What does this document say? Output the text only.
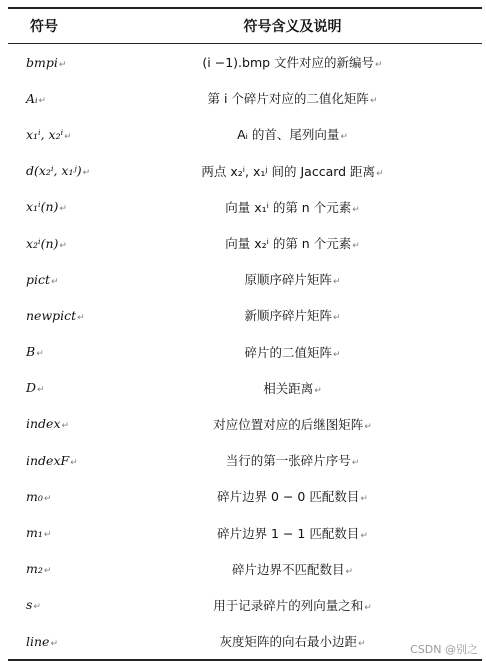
符号	符号含义及说明
bmpi↵	(i −1).bmp 文件对应的新编号↵
Aᵢ↵	第 i 个碎片对应的二值化矩阵↵
x₁ⁱ, x₂ⁱ↵	Aᵢ 的首、尾列向量↵
d(x₂ⁱ, x₁ʲ)↵	两点 x₂ⁱ, x₁ʲ 间的 Jaccard 距离↵
x₁ⁱ(n)↵	向量 x₁ⁱ 的第 n 个元素↵
x₂ⁱ(n)↵	向量 x₂ⁱ 的第 n 个元素↵
pict↵	原顺序碎片矩阵↵
newpict↵	新顺序碎片矩阵↵
B↵	碎片的二值矩阵↵
D↵	相关距离↵
index↵	对应位置对应的后继图矩阵↵
indexF↵	当行的第一张碎片序号↵
m₀↵	碎片边界 0 − 0 匹配数目↵
m₁↵	碎片边界 1 − 1 匹配数目↵
m₂↵	碎片边界不匹配数目↵
s↵	用于记录碎片的列向量之和↵
line↵	灰度矩阵的向右最小边距↵	CSDN @别之
